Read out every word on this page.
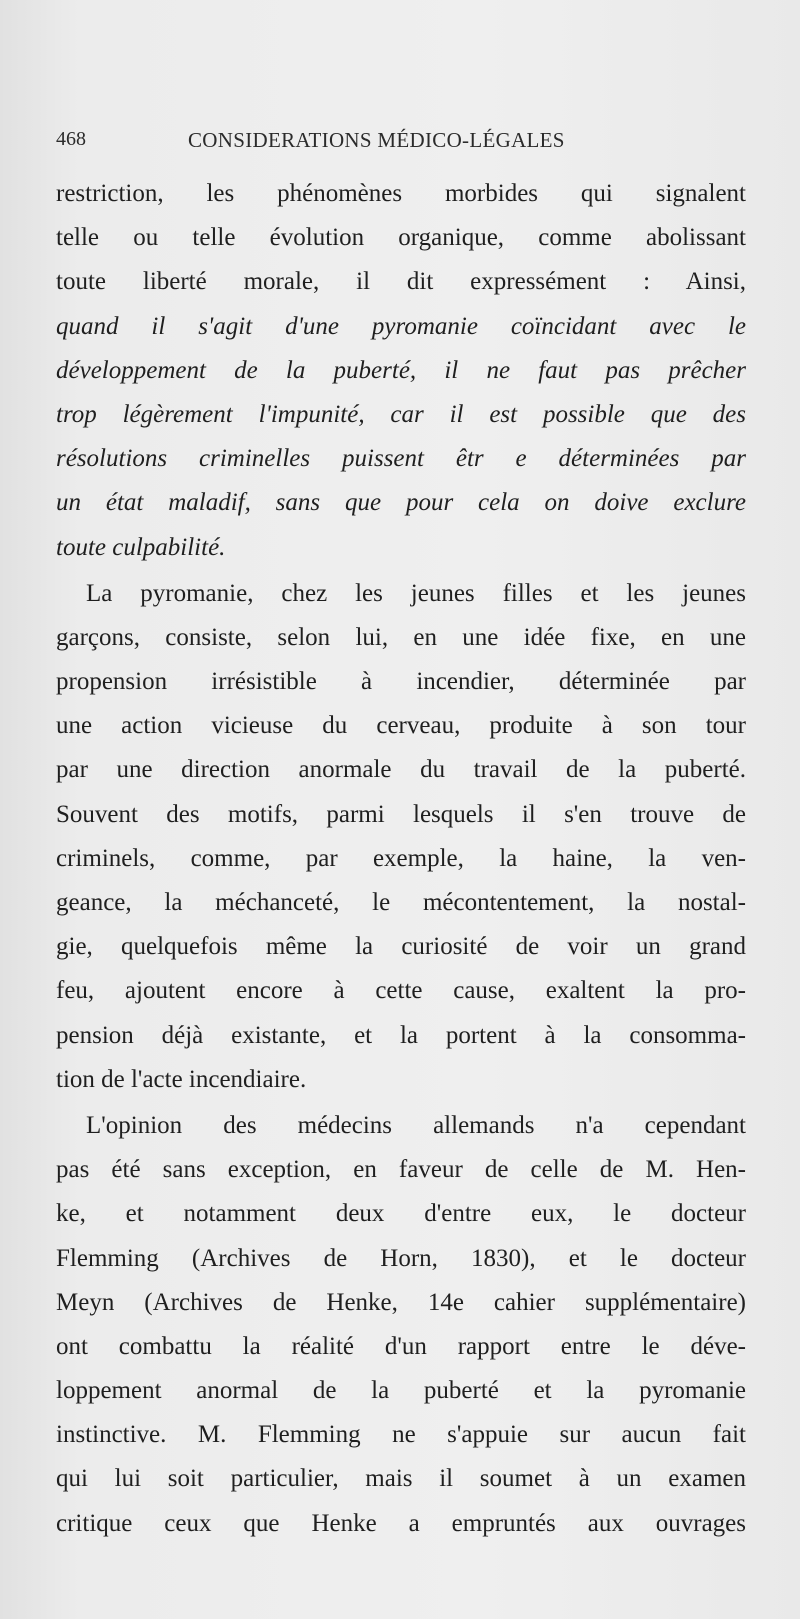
468	CONSIDERATIONS MÉDICO-LÉGALES
restriction, les phénomènes morbides qui signalent
telle ou telle évolution organique, comme abolissant
toute liberté morale, il dit expressément : Ainsi,
quand il s'agit d'une pyromanie coïncidant avec le
développement de la puberté, il ne faut pas prêcher
trop légèrement l'impunité, car il est possible que des
résolutions criminelles puissent êtr e déterminées par
un état maladif, sans que pour cela on doive exclure
toute culpabilité.
La pyromanie, chez les jeunes filles et les jeunes
garçons, consiste, selon lui, en une idée fixe, en une
propension irrésistible à incendier, déterminée par
une action vicieuse du cerveau, produite à son tour
par une direction anormale du travail de la puberté.
Souvent des motifs, parmi lesquels il s'en trouve de
criminels, comme, par exemple, la haine, la ven-
geance, la méchanceté, le mécontentement, la nostal-
gie, quelquefois même la curiosité de voir un grand
feu, ajoutent encore à cette cause, exaltent la pro-
pension déjà existante, et la portent à la consomma-
tion de l'acte incendiaire.
L'opinion des médecins allemands n'a cependant
pas été sans exception, en faveur de celle de M. Hen-
ke, et notamment deux d'entre eux, le docteur
Flemming (Archives de Horn, 1830), et le docteur
Meyn (Archives de Henke, 14e cahier supplémentaire)
ont combattu la réalité d'un rapport entre le déve-
loppement anormal de la puberté et la pyromanie
instinctive. M. Flemming ne s'appuie sur aucun fait
qui lui soit particulier, mais il soumet à un examen
critique ceux que Henke a empruntés aux ouvrages
